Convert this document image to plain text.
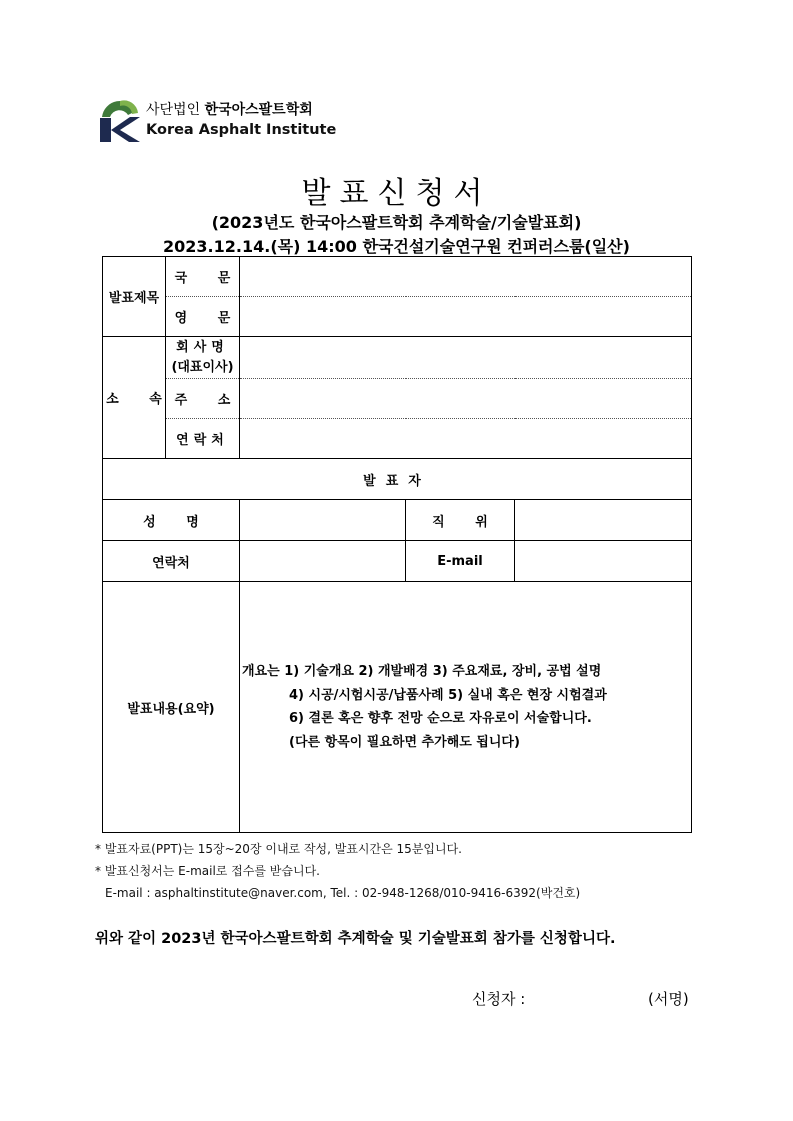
사단법인 한국아스팔트학회
Korea Asphalt Institute
발표신청서
(2023년도 한국아스팔트학회 추계학술/기술발표회)
2023.12.14.(목) 14:00 한국건설기술연구원 컨퍼러스룸(일산)
발표제목	국 문			
	영 문			
소 속	회사명
(대표이사)			

	주 소			
	연락처			
발표자				
성 명			직 위	
연락처			E-mail	
발표내용(요약)		개요는 1) 기술개요 2) 개발배경 3) 주요재료, 장비, 공법 설명
4) 시공/시험시공/납품사례 5) 실내 혹은 현장 시험결과
6) 결론 혹은 향후 전망 순으로 자유로이 서술합니다.
(다른 항목이 필요하면 추가해도 됩니다)		
* 발표자료(PPT)는 15장~20장 이내로 작성, 발표시간은 15분입니다.
* 발표신청서는 E-mail로 접수를 받습니다.
E-mail : asphaltinstitute@naver.com, Tel. : 02-948-1268/010-9416-6392(박건호)
위와 같이 2023년 한국아스팔트학회 추계학술 및 기술발표회 참가를 신청합니다.
신청자 :	(서명)
